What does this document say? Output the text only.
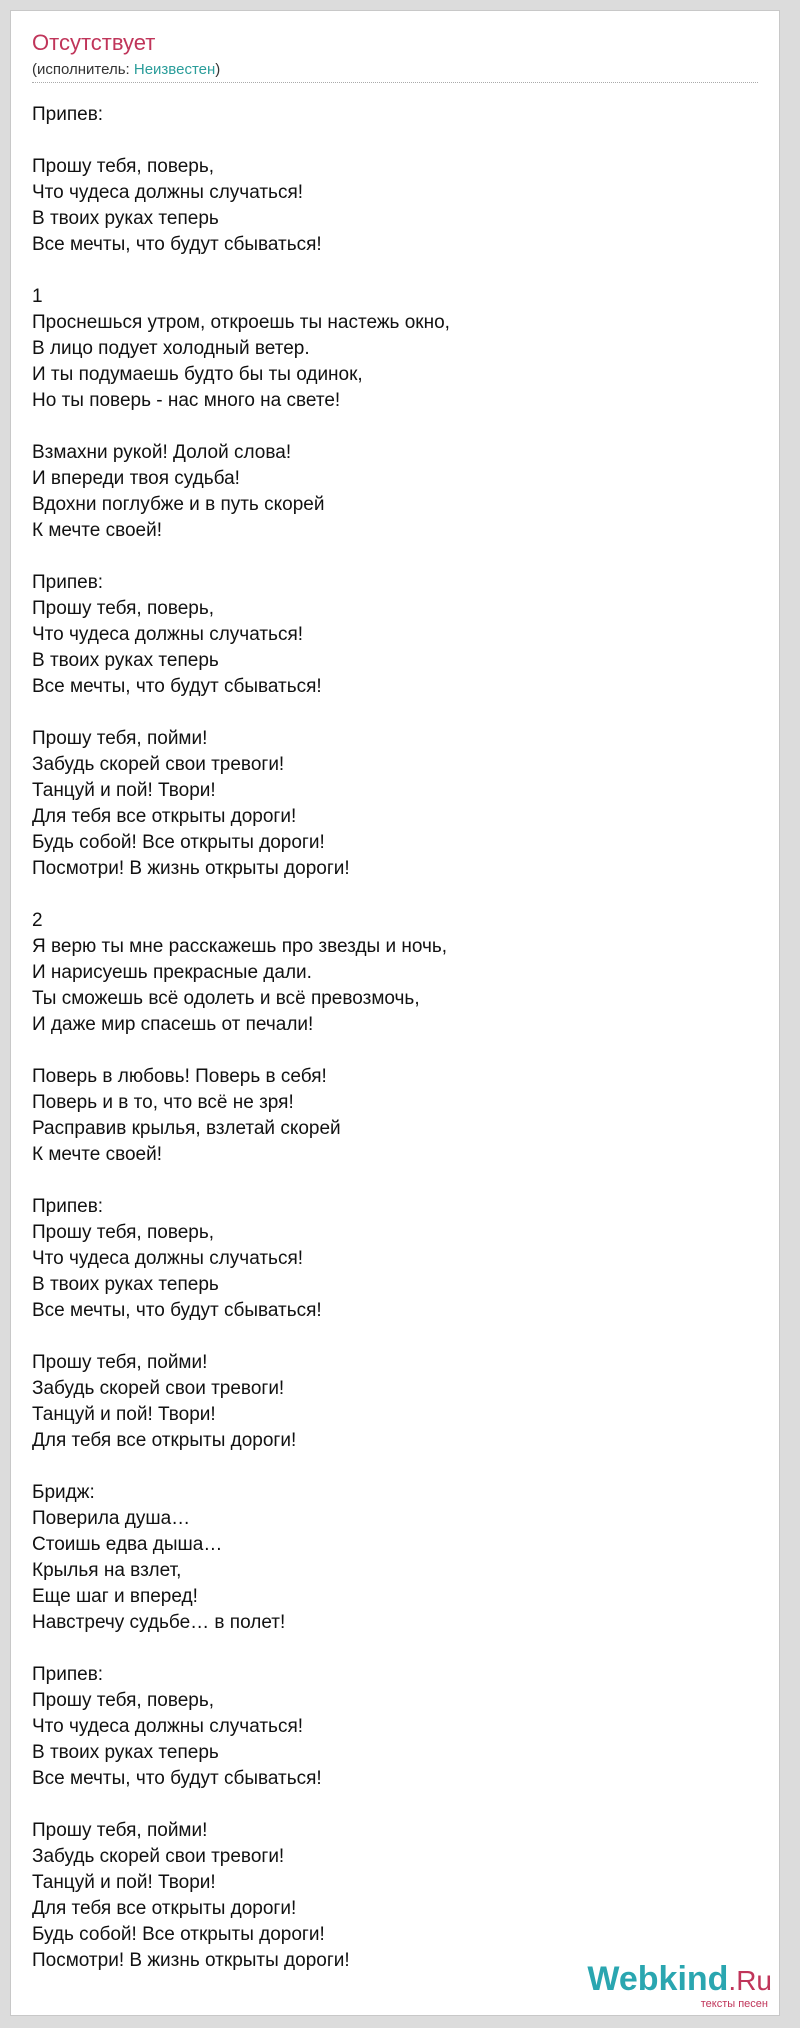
Отсутствует
(исполнитель: Неизвестен)
Припев:
Прошу тебя, поверь,
Что чудеса должны случаться!
В твоих руках теперь
Все мечты, что будут сбываться!
1
Проснешься утром, откроешь ты настежь окно,
В лицо подует холодный ветер.
И ты подумаешь будто бы ты одинок,
Но ты поверь - нас много на свете!
Взмахни рукой! Долой слова!
И впереди твоя судьба!
Вдохни поглубже и в путь скорей
К мечте своей!
Припев:
Прошу тебя, поверь,
Что чудеса должны случаться!
В твоих руках теперь
Все мечты, что будут сбываться!
Прошу тебя, пойми!
Забудь скорей свои тревоги!
Танцуй и пой! Твори!
Для тебя все открыты дороги!
Будь собой! Все открыты дороги!
Посмотри! В жизнь открыты дороги!
2
Я верю ты мне расскажешь про звезды и ночь,
И нарисуешь прекрасные дали.
Ты сможешь всё одолеть и всё превозмочь,
И даже мир спасешь от печали!
Поверь в любовь! Поверь в себя!
Поверь и в то, что всё не зря!
Расправив крылья, взлетай скорей
К мечте своей!
Припев:
Прошу тебя, поверь,
Что чудеса должны случаться!
В твоих руках теперь
Все мечты, что будут сбываться!
Прошу тебя, пойми!
Забудь скорей свои тревоги!
Танцуй и пой! Твори!
Для тебя все открыты дороги!
Бридж:
Поверила душа…
Стоишь едва дыша…
Крылья на взлет,
Еще шаг и вперед!
Навстречу судьбе… в полет!
Припев:
Прошу тебя, поверь,
Что чудеса должны случаться!
В твоих руках теперь
Все мечты, что будут сбываться!
Прошу тебя, пойми!
Забудь скорей свои тревоги!
Танцуй и пой! Твори!
Для тебя все открыты дороги!
Будь собой! Все открыты дороги!
Посмотри! В жизнь открыты дороги!	Webkind.Ru
тексты песен
